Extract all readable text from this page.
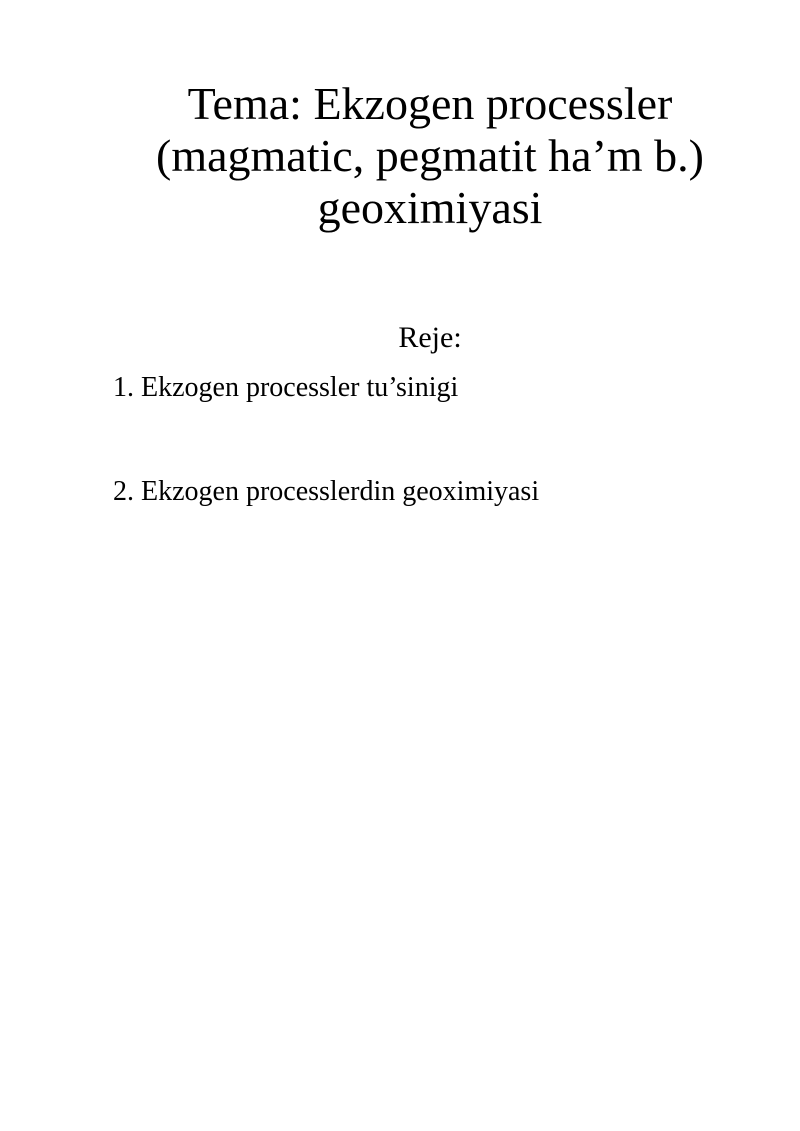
Tema: Ekzogen processler
(magmatic, pegmatit ha’m b.)
geoximiyasi
Reje:
1. Ekzogen processler tu’sinigi
2. Ekzogen processlerdin geoximiyasi
